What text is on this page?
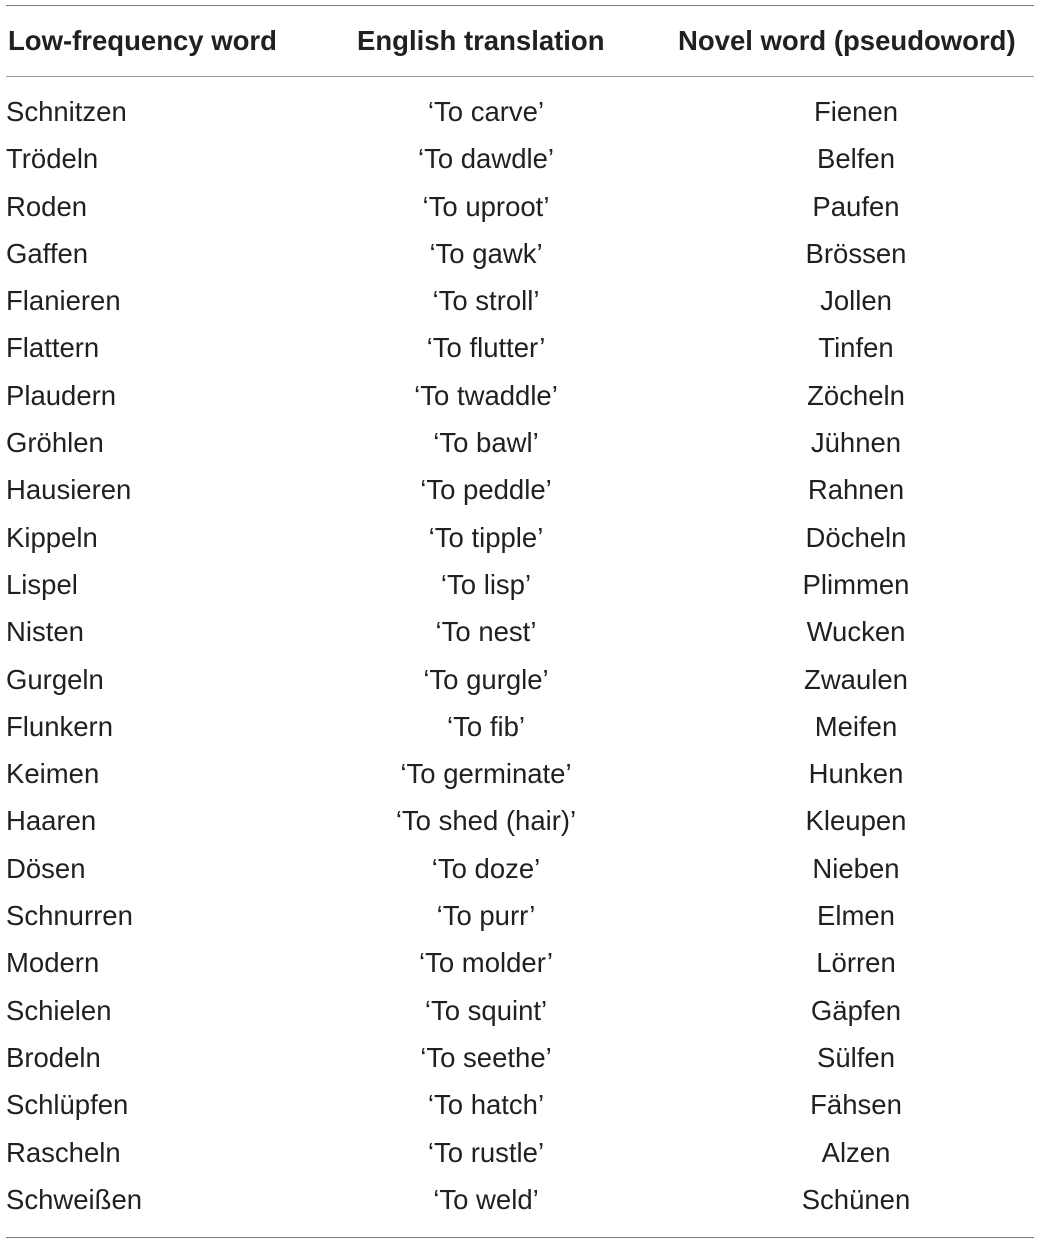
Low-frequency word	English translation	Novel word (pseudoword)
Schnitzen	‘To carve’	Fienen
Trödeln	‘To dawdle’	Belfen
Roden	‘To uproot’	Paufen
Gaffen	‘To gawk’	Brössen
Flanieren	‘To stroll’	Jollen
Flattern	‘To flutter’	Tinfen
Plaudern	‘To twaddle’	Zöcheln
Gröhlen	‘To bawl’	Jühnen
Hausieren	‘To peddle’	Rahnen
Kippeln	‘To tipple’	Döcheln
Lispel	‘To lisp’	Plimmen
Nisten	‘To nest’	Wucken
Gurgeln	‘To gurgle’	Zwaulen
Flunkern	‘To fib’	Meifen
Keimen	‘To germinate’	Hunken
Haaren	‘To shed (hair)’	Kleupen
Dösen	‘To doze’	Nieben
Schnurren	‘To purr’	Elmen
Modern	‘To molder’	Lörren
Schielen	‘To squint’	Gäpfen
Brodeln	‘To seethe’	Sülfen
Schlüpfen	‘To hatch’	Fähsen
Rascheln	‘To rustle’	Alzen
Schweißen	‘To weld’	Schünen
